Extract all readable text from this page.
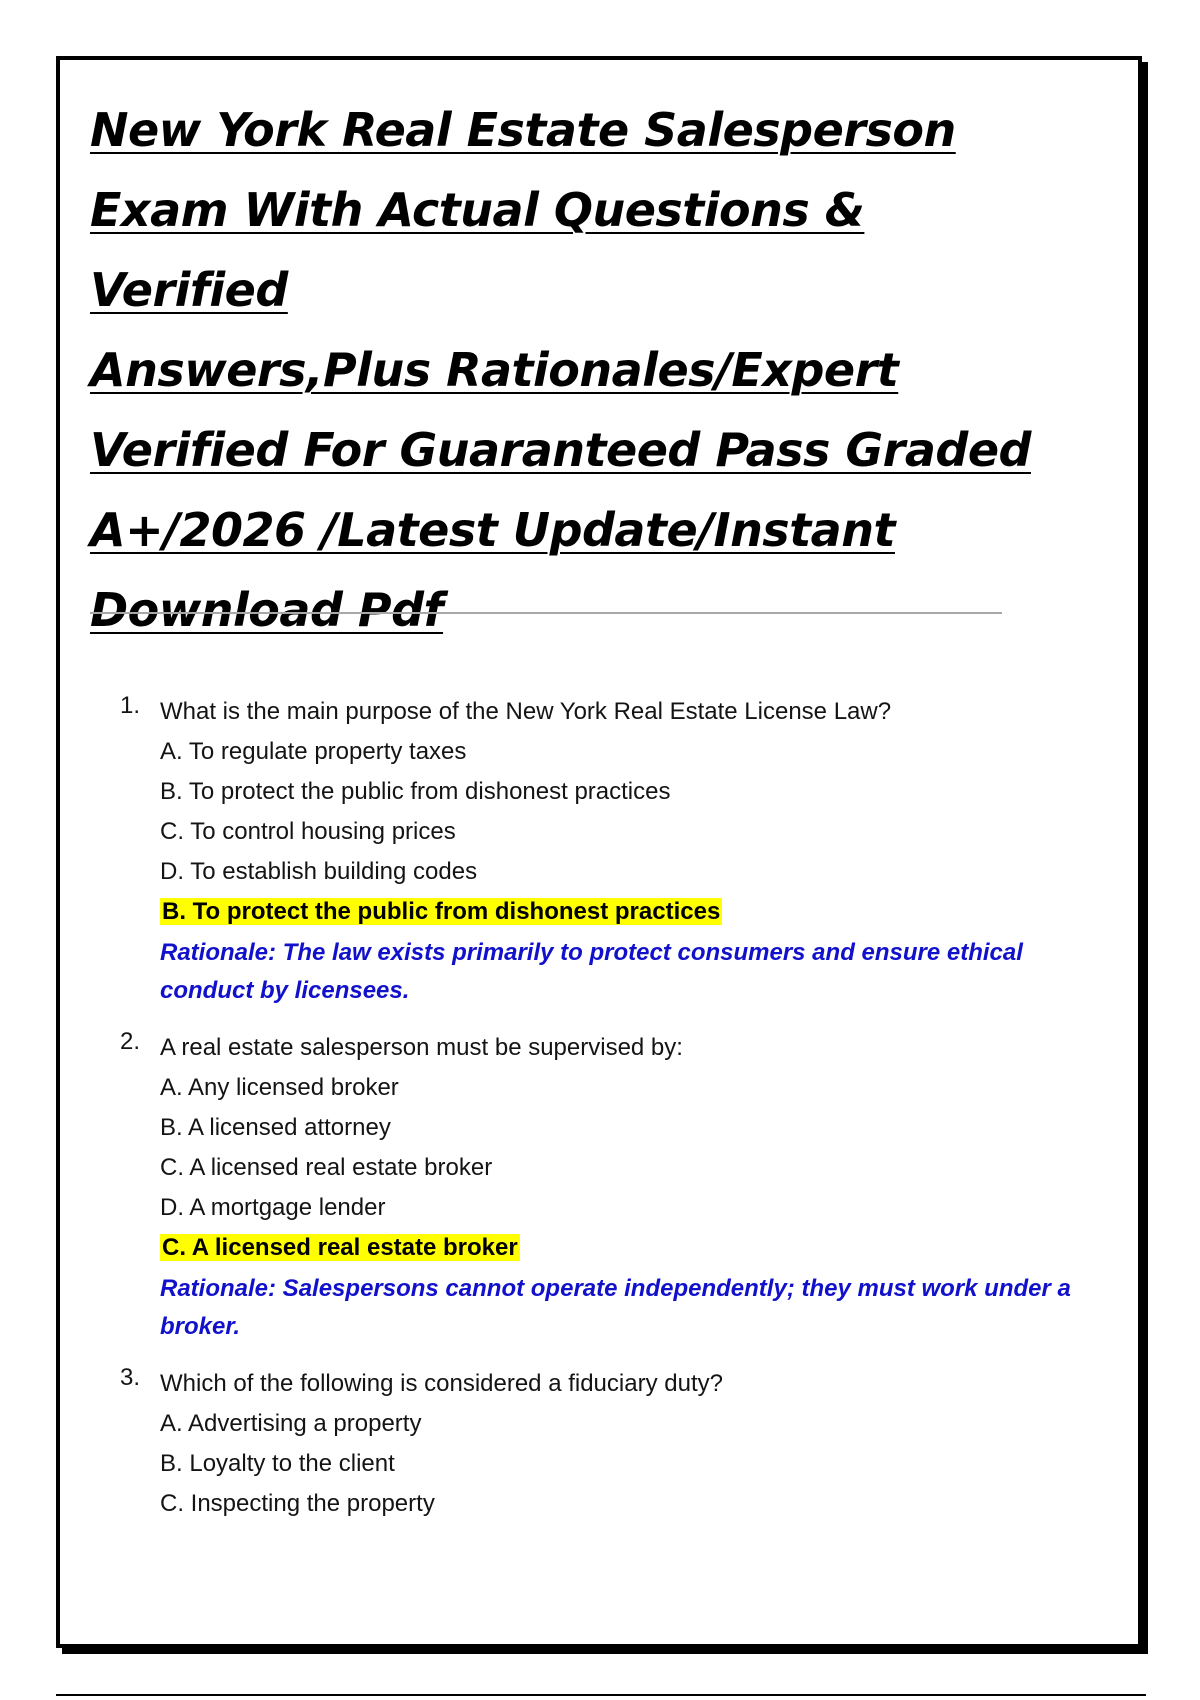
New York Real Estate Salesperson
Exam With Actual Questions & Verified
Answers,Plus Rationales/Expert
Verified For Guaranteed Pass Graded
A+/2026 /Latest Update/Instant
Download Pdf
1. What is the main purpose of the New York Real Estate License Law?
A. To regulate property taxes
B. To protect the public from dishonest practices
C. To control housing prices
D. To establish building codes
B. To protect the public from dishonest practices
Rationale: The law exists primarily to protect consumers and ensure ethical conduct by licensees.
2. A real estate salesperson must be supervised by:
A. Any licensed broker
B. A licensed attorney
C. A licensed real estate broker
D. A mortgage lender
C. A licensed real estate broker
Rationale: Salespersons cannot operate independently; they must work under a broker.
3. Which of the following is considered a fiduciary duty?
A. Advertising a property
B. Loyalty to the client
C. Inspecting the property
